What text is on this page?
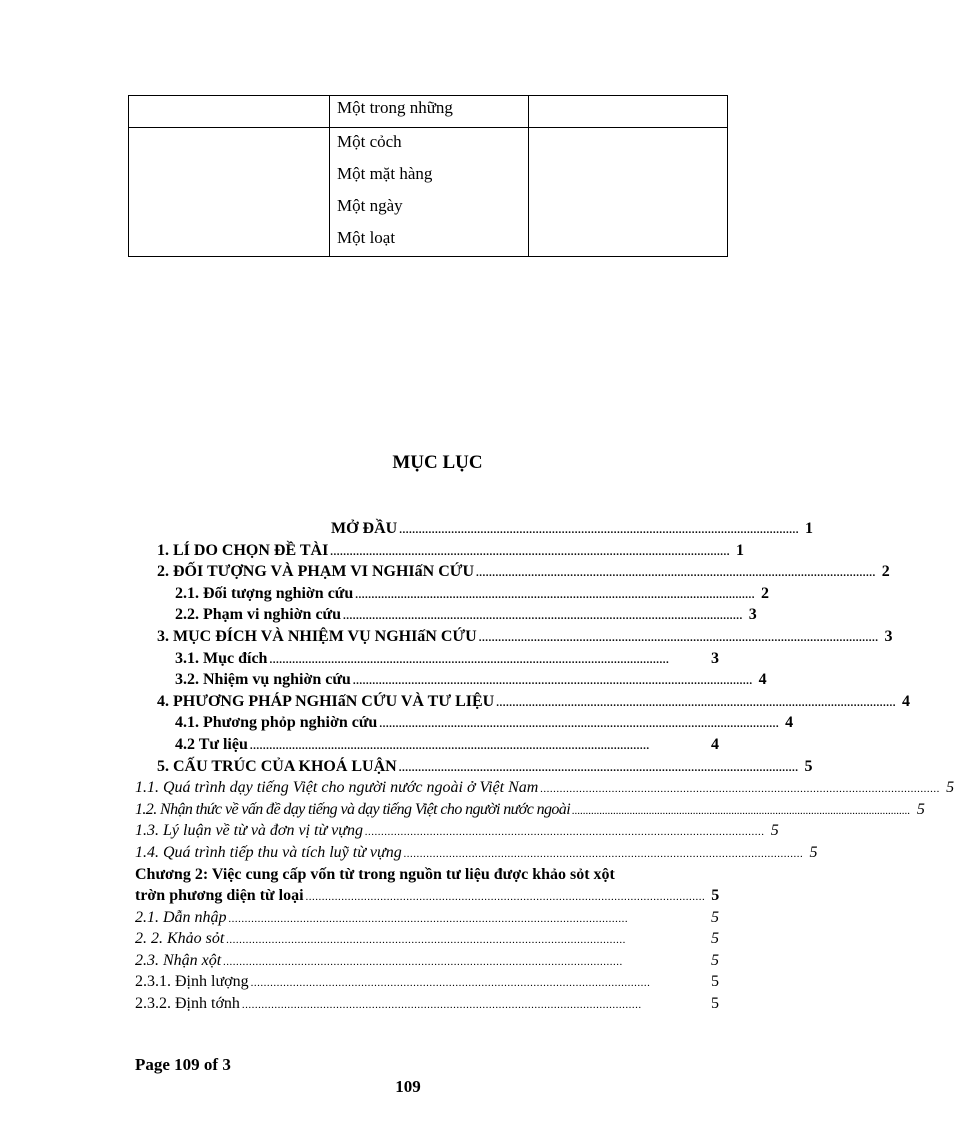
	Một trong những	

	Một cỏch
Một mặt hàng
Một ngày
Một loạt	

MỤC LỤC
MỞ ĐẦU ........................................................................................................................... 1
1. LÍ DO CHỌN ĐỀ TÀI ........................................................................................................................... 1
2. ĐỐI TƯỢNG VÀ PHẠM VI NGHIấN CỨU ........................................................................................................................... 2
2.1. Đối tượng nghiờn cứu ........................................................................................................................... 2
2.2. Phạm vi nghiờn cứu ........................................................................................................................... 3
3. MỤC ĐÍCH VÀ NHIỆM VỤ NGHIấN CỨU ........................................................................................................................... 3
3.1. Mục đích ...........................................................................................................................	3
3.2. Nhiệm vụ nghiờn cứu ........................................................................................................................... 4
4. PHƯƠNG PHÁP NGHIấN CỨU VÀ TƯ LIỆU ........................................................................................................................... 4
4.1. Phương phỏp nghiờn cứu ........................................................................................................................... 4
4.2 Tư liệu ...........................................................................................................................	4
5. CẤU TRÚC CỦA KHOÁ LUẬN ........................................................................................................................... 5
1.1. Quá trình dạy tiếng Việt cho người nước ngoài ở Việt Nam ........................................................................................................................... 5
1.2. Nhận thức về vấn đề dạy tiếng và dạy tiếng Việt cho người nước ngoài ........................................................................................................................... 5
1.3. Lý luận về từ và đơn vị từ vựng ........................................................................................................................... 5
1.4. Quá trình tiếp thu và tích luỹ từ vựng ........................................................................................................................... 5
Chương 2: Việc cung cấp vốn từ trong nguồn tư liệu được khảo sỏt xột
trờn phương diện từ loại ........................................................................................................................... 5
2.1. Dẫn nhập ...........................................................................................................................	5
2. 2. Khảo sỏt ...........................................................................................................................	5
2.3. Nhận xột ...........................................................................................................................	5
2.3.1. Định lượng ...........................................................................................................................	5
2.3.2. Định tớnh ...........................................................................................................................	5
Page 109 of 3
109
